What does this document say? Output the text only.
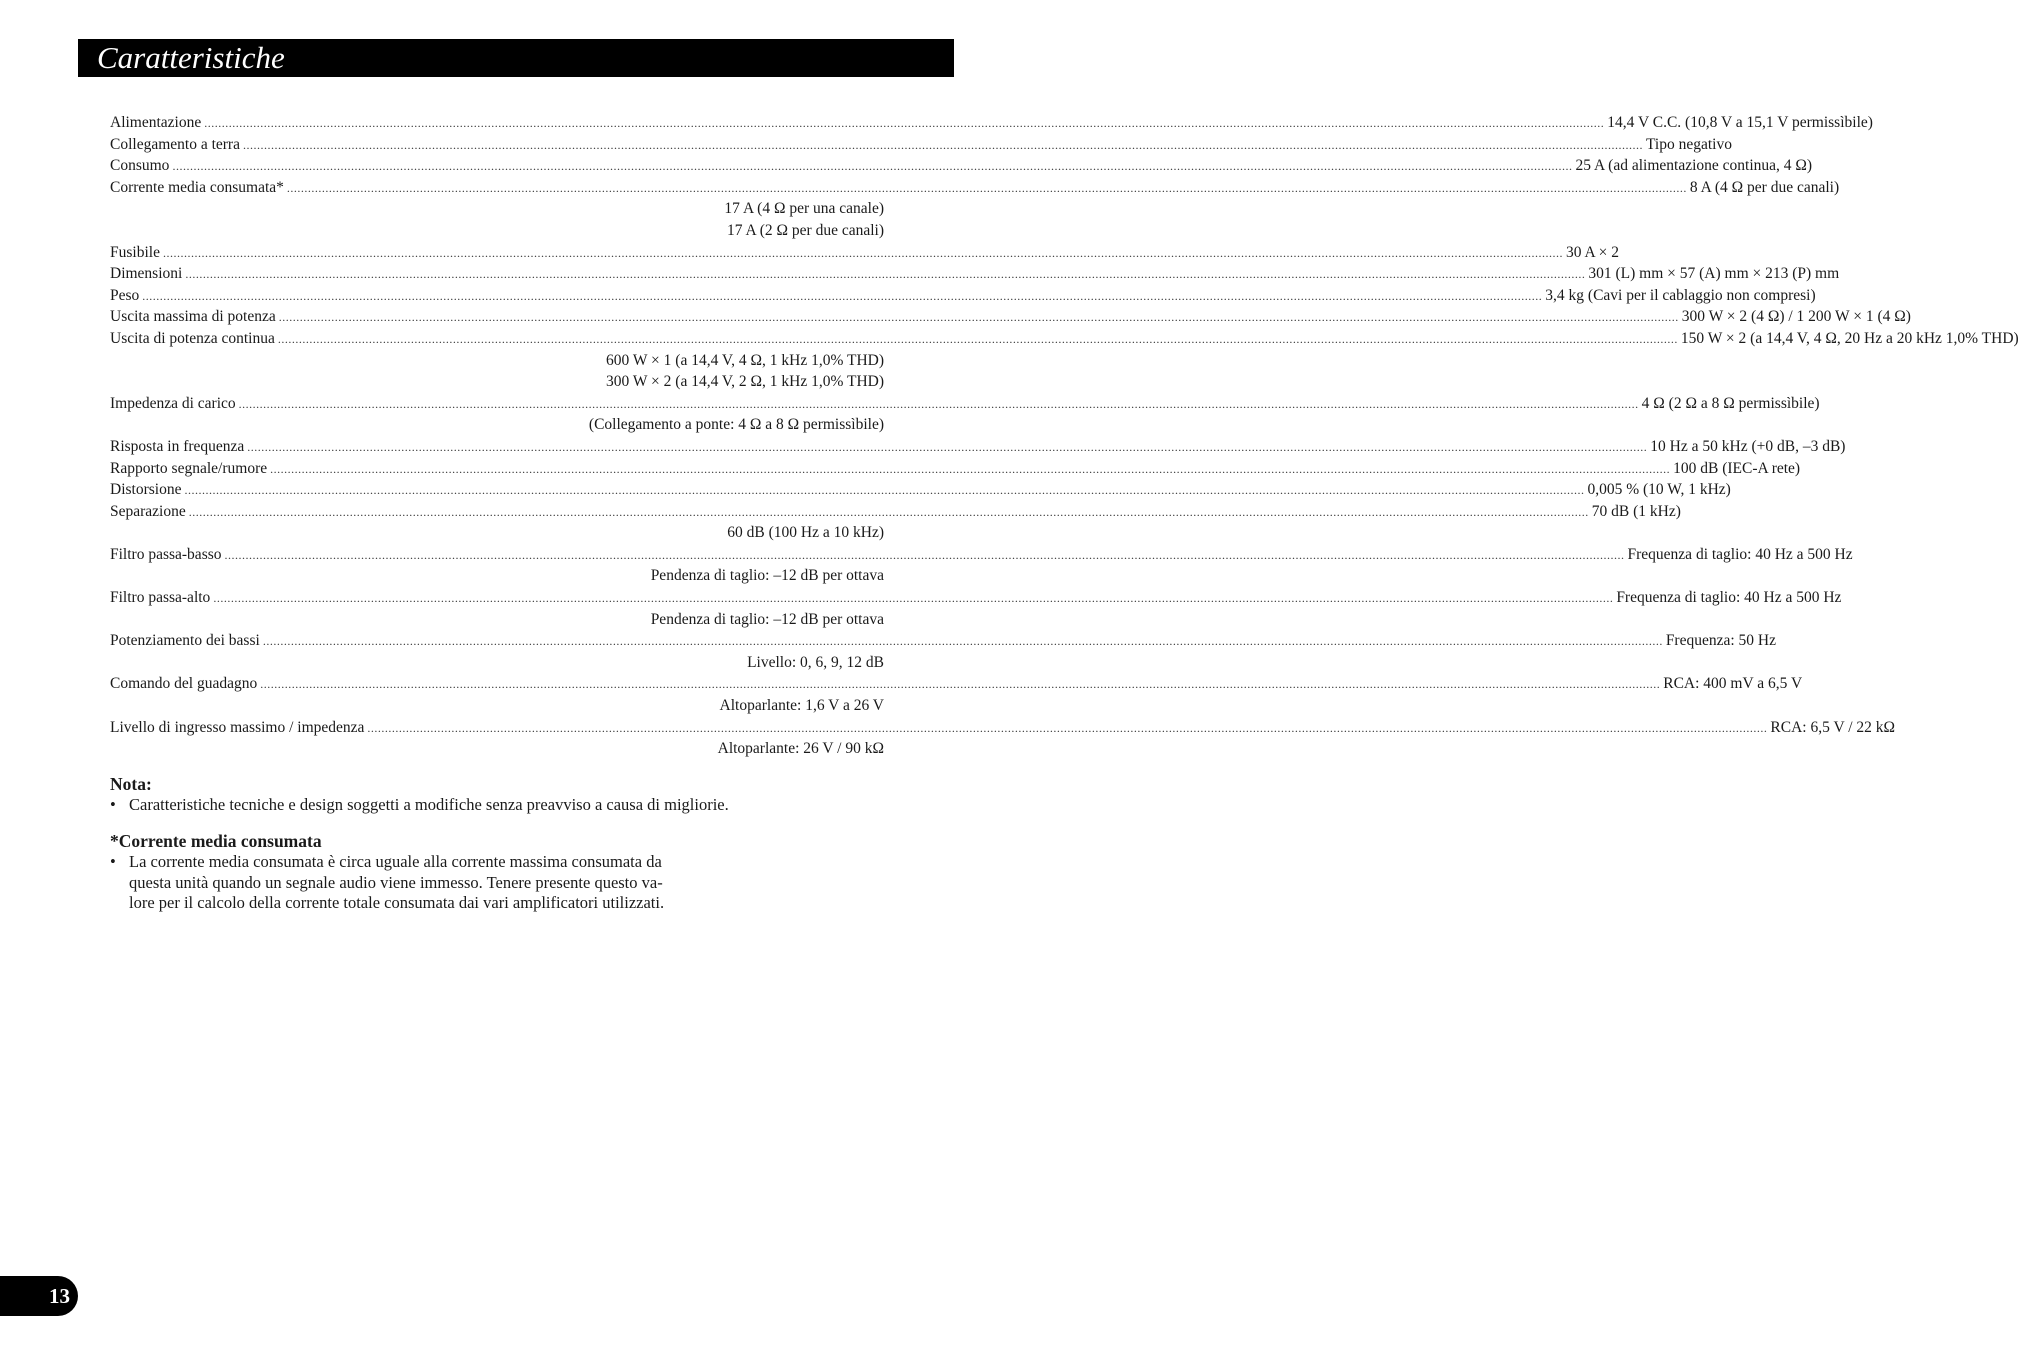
Caratteristiche
Alimentazione ................................................................................................................................................................................................................................................................................................................................................................................................................ 14,4 V C.C. (10,8 V a 15,1 V permissìbile)
Collegamento a terra ................................................................................................................................................................................................................................................................................................................................................................................................................ Tipo negativo
Consumo ................................................................................................................................................................................................................................................................................................................................................................................................................ 25 A (ad alimentazione continua, 4 Ω)
Corrente media consumata* ................................................................................................................................................................................................................................................................................................................................................................................................................ 8 A (4 Ω per due canali)
17 A (4 Ω per una canale)
17 A (2 Ω per due canali)
Fusibile ................................................................................................................................................................................................................................................................................................................................................................................................................ 30 A × 2
Dimensioni ................................................................................................................................................................................................................................................................................................................................................................................................................ 301 (L) mm × 57 (A) mm × 213 (P) mm
Peso ................................................................................................................................................................................................................................................................................................................................................................................................................ 3,4 kg (Cavi per il cablaggio non compresi)
Uscita massima di potenza ................................................................................................................................................................................................................................................................................................................................................................................................................ 300 W × 2 (4 Ω) / 1 200 W × 1 (4 Ω)
Uscita di potenza continua ................................................................................................................................................................................................................................................................................................................................................................................................................ 150 W × 2 (a 14,4 V, 4 Ω, 20 Hz a 20 kHz 1,0% THD)
600 W × 1 (a 14,4 V, 4 Ω, 1 kHz 1,0% THD)
300 W × 2 (a 14,4 V, 2 Ω, 1 kHz 1,0% THD)
Impedenza di carico ................................................................................................................................................................................................................................................................................................................................................................................................................ 4 Ω (2 Ω a 8 Ω permissìbile)
(Collegamento a ponte: 4 Ω a 8 Ω permissìbile)
Risposta in frequenza ................................................................................................................................................................................................................................................................................................................................................................................................................ 10 Hz a 50 kHz (+0 dB, –3 dB)
Rapporto segnale/rumore ................................................................................................................................................................................................................................................................................................................................................................................................................ 100 dB (IEC-A rete)
Distorsione ................................................................................................................................................................................................................................................................................................................................................................................................................ 0,005 % (10 W, 1 kHz)
Separazione ................................................................................................................................................................................................................................................................................................................................................................................................................ 70 dB (1 kHz)
60 dB (100 Hz a 10 kHz)
Filtro passa-basso ................................................................................................................................................................................................................................................................................................................................................................................................................ Frequenza di taglio: 40 Hz a 500 Hz
Pendenza di taglio: –12 dB per ottava
Filtro passa-alto ................................................................................................................................................................................................................................................................................................................................................................................................................ Frequenza di taglio: 40 Hz a 500 Hz
Pendenza di taglio: –12 dB per ottava
Potenziamento dei bassi ................................................................................................................................................................................................................................................................................................................................................................................................................ Frequenza: 50 Hz
Livello: 0, 6, 9, 12 dB
Comando del guadagno ................................................................................................................................................................................................................................................................................................................................................................................................................ RCA: 400 mV a 6,5 V
Altoparlante: 1,6 V a 26 V
Livello di ingresso massimo / impedenza ................................................................................................................................................................................................................................................................................................................................................................................................................ RCA: 6,5 V / 22 kΩ
Altoparlante: 26 V / 90 kΩ
Nota:
• Caratteristiche tecniche e design soggetti a modifiche senza preavviso a causa di migliorie.
*Corrente media consumata
• La corrente media consumata è circa uguale alla corrente massima consumata da
questa unità quando un segnale audio viene immesso. Tenere presente questo va-
lore per il calcolo della corrente totale consumata dai vari amplificatori utilizzati.
13
